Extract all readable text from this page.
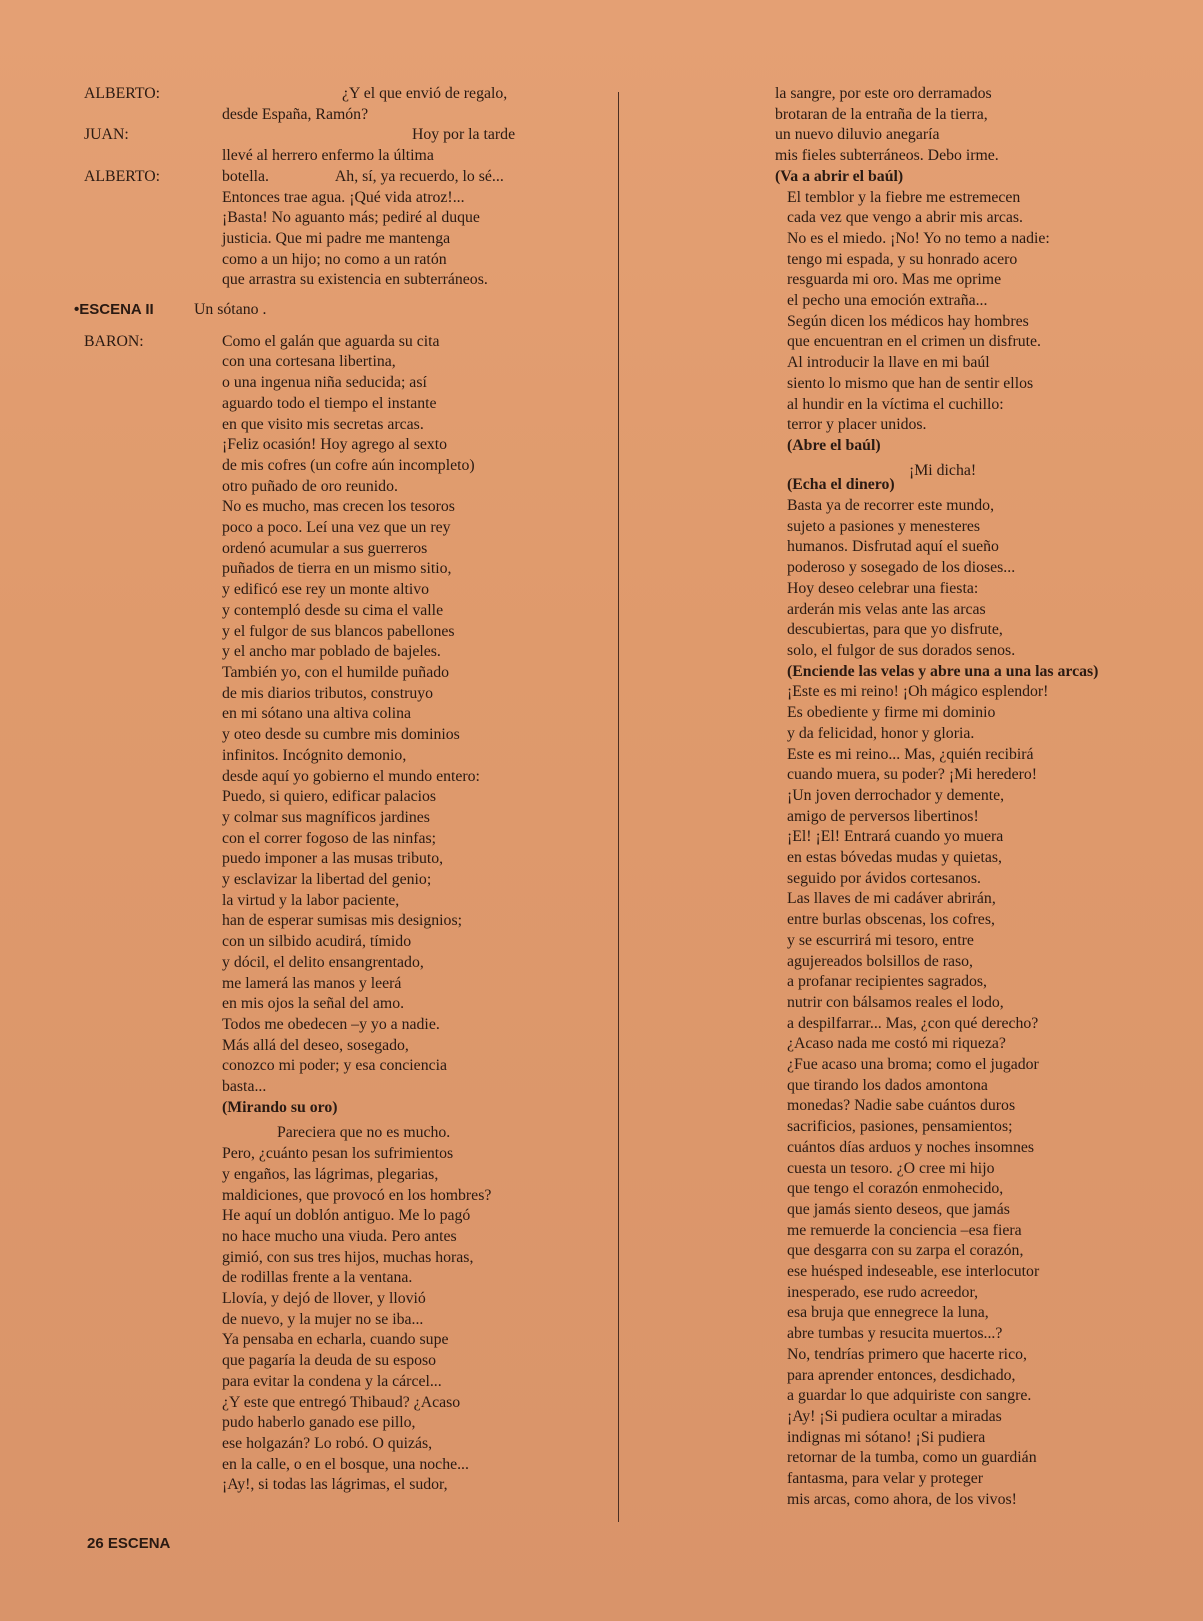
ALBERTO:	¿Y el que envió de regalo,
desde España, Ramón?
JUAN:	Hoy por la tarde
llevé al herrero enfermo la última
ALBERTO:	botella.	Ah, sí, ya recuerdo, lo sé...
Entonces trae agua. ¡Qué vida atroz!...
¡Basta! No aguanto más; pediré al duque
justicia. Que mi padre me mantenga
como a un hijo; no como a un ratón
que arrastra su existencia en subterráneos.
•ESCENA II	Un sótano .
BARON:	Como el galán que aguarda su cita
con una cortesana libertina,
o una ingenua niña seducida; así
aguardo todo el tiempo el instante
en que visito mis secretas arcas.
¡Feliz ocasión! Hoy agrego al sexto
de mis cofres (un cofre aún incompleto)
otro puñado de oro reunido.
No es mucho, mas crecen los tesoros
poco a poco. Leí una vez que un rey
ordenó acumular a sus guerreros
puñados de tierra en un mismo sitio,
y edificó ese rey un monte altivo
y contempló desde su cima el valle
y el fulgor de sus blancos pabellones
y el ancho mar poblado de bajeles.
También yo, con el humilde puñado
de mis diarios tributos, construyo
en mi sótano una altiva colina
y oteo desde su cumbre mis dominios
infinitos. Incógnito demonio,
desde aquí yo gobierno el mundo entero:
Puedo, si quiero, edificar palacios
y colmar sus magníficos jardines
con el correr fogoso de las ninfas;
puedo imponer a las musas tributo,
y esclavizar la libertad del genio;
la virtud y la labor paciente,
han de esperar sumisas mis designios;
con un silbido acudirá, tímido
y dócil, el delito ensangrentado,
me lamerá las manos y leerá
en mis ojos la señal del amo.
Todos me obedecen –y yo a nadie.
Más allá del deseo, sosegado,
conozco mi poder; y esa conciencia
basta...
(Mirando su oro)
Pareciera que no es mucho.
Pero, ¿cuánto pesan los sufrimientos
y engaños, las lágrimas, plegarias,
maldiciones, que provocó en los hombres?
He aquí un doblón antiguo. Me lo pagó
no hace mucho una viuda. Pero antes
gimió, con sus tres hijos, muchas horas,
de rodillas frente a la ventana.
Llovía, y dejó de llover, y llovió
de nuevo, y la mujer no se iba...
Ya pensaba en echarla, cuando supe
que pagaría la deuda de su esposo
para evitar la condena y la cárcel...
¿Y este que entregó Thibaud? ¿Acaso
pudo haberlo ganado ese pillo,
ese holgazán? Lo robó. O quizás,
en la calle, o en el bosque, una noche...
¡Ay!, si todas las lágrimas, el sudor,
la sangre, por este oro derramados
brotaran de la entraña de la tierra,
un nuevo diluvio anegaría
mis fieles subterráneos. Debo irme.
(Va a abrir el baúl)
El temblor y la fiebre me estremecen
cada vez que vengo a abrir mis arcas.
No es el miedo. ¡No! Yo no temo a nadie:
tengo mi espada, y su honrado acero
resguarda mi oro. Mas me oprime
el pecho una emoción extraña...
Según dicen los médicos hay hombres
que encuentran en el crimen un disfrute.
Al introducir la llave en mi baúl
siento lo mismo que han de sentir ellos
al hundir en la víctima el cuchillo:
terror y placer unidos.
(Abre el baúl)
¡Mi dicha!
(Echa el dinero)
Basta ya de recorrer este mundo,
sujeto a pasiones y menesteres
humanos. Disfrutad aquí el sueño
poderoso y sosegado de los dioses...
Hoy deseo celebrar una fiesta:
arderán mis velas ante las arcas
descubiertas, para que yo disfrute,
solo, el fulgor de sus dorados senos.
(Enciende las velas y abre una a una las arcas)
¡Este es mi reino! ¡Oh mágico esplendor!
Es obediente y firme mi dominio
y da felicidad, honor y gloria.
Este es mi reino... Mas, ¿quién recibirá
cuando muera, su poder? ¡Mi heredero!
¡Un joven derrochador y demente,
amigo de perversos libertinos!
¡El! ¡El! Entrará cuando yo muera
en estas bóvedas mudas y quietas,
seguido por ávidos cortesanos.
Las llaves de mi cadáver abrirán,
entre burlas obscenas, los cofres,
y se escurrirá mi tesoro, entre
agujereados bolsillos de raso,
a profanar recipientes sagrados,
nutrir con bálsamos reales el lodo,
a despilfarrar... Mas, ¿con qué derecho?
¿Acaso nada me costó mi riqueza?
¿Fue acaso una broma; como el jugador
que tirando los dados amontona
monedas? Nadie sabe cuántos duros
sacrificios, pasiones, pensamientos;
cuántos días arduos y noches insomnes
cuesta un tesoro. ¿O cree mi hijo
que tengo el corazón enmohecido,
que jamás siento deseos, que jamás
me remuerde la conciencia –esa fiera
que desgarra con su zarpa el corazón,
ese huésped indeseable, ese interlocutor
inesperado, ese rudo acreedor,
esa bruja que ennegrece la luna,
abre tumbas y resucita muertos...?
No, tendrías primero que hacerte rico,
para aprender entonces, desdichado,
a guardar lo que adquiriste con sangre.
¡Ay! ¡Si pudiera ocultar a miradas
indignas mi sótano! ¡Si pudiera
retornar de la tumba, como un guardián
fantasma, para velar y proteger
mis arcas, como ahora, de los vivos!
26 ESCENA
